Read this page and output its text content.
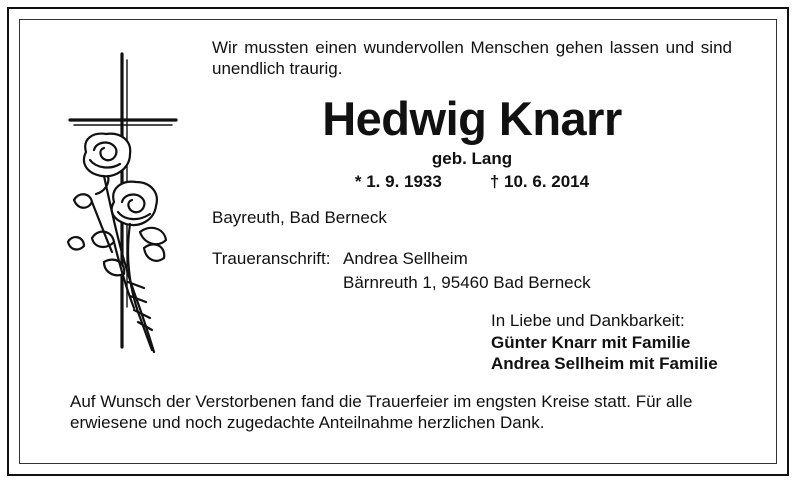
Wir mussten einen wundervollen Menschen gehen lassen und sind unendlich traurig.
Hedwig Knarr
geb. Lang
* 1. 9. 1933	† 10. 6. 2014
Bayreuth, Bad Berneck
Traueranschrift: Andrea Sellheim
Bärnreuth 1, 95460 Bad Berneck
In Liebe und Dankbarkeit:
Günter Knarr mit Familie
Andrea Sellheim mit Familie
Auf Wunsch der Verstorbenen fand die Trauerfeier im engsten Kreise statt. Für alle erwiesene und noch zugedachte Anteilnahme herzlichen Dank.
